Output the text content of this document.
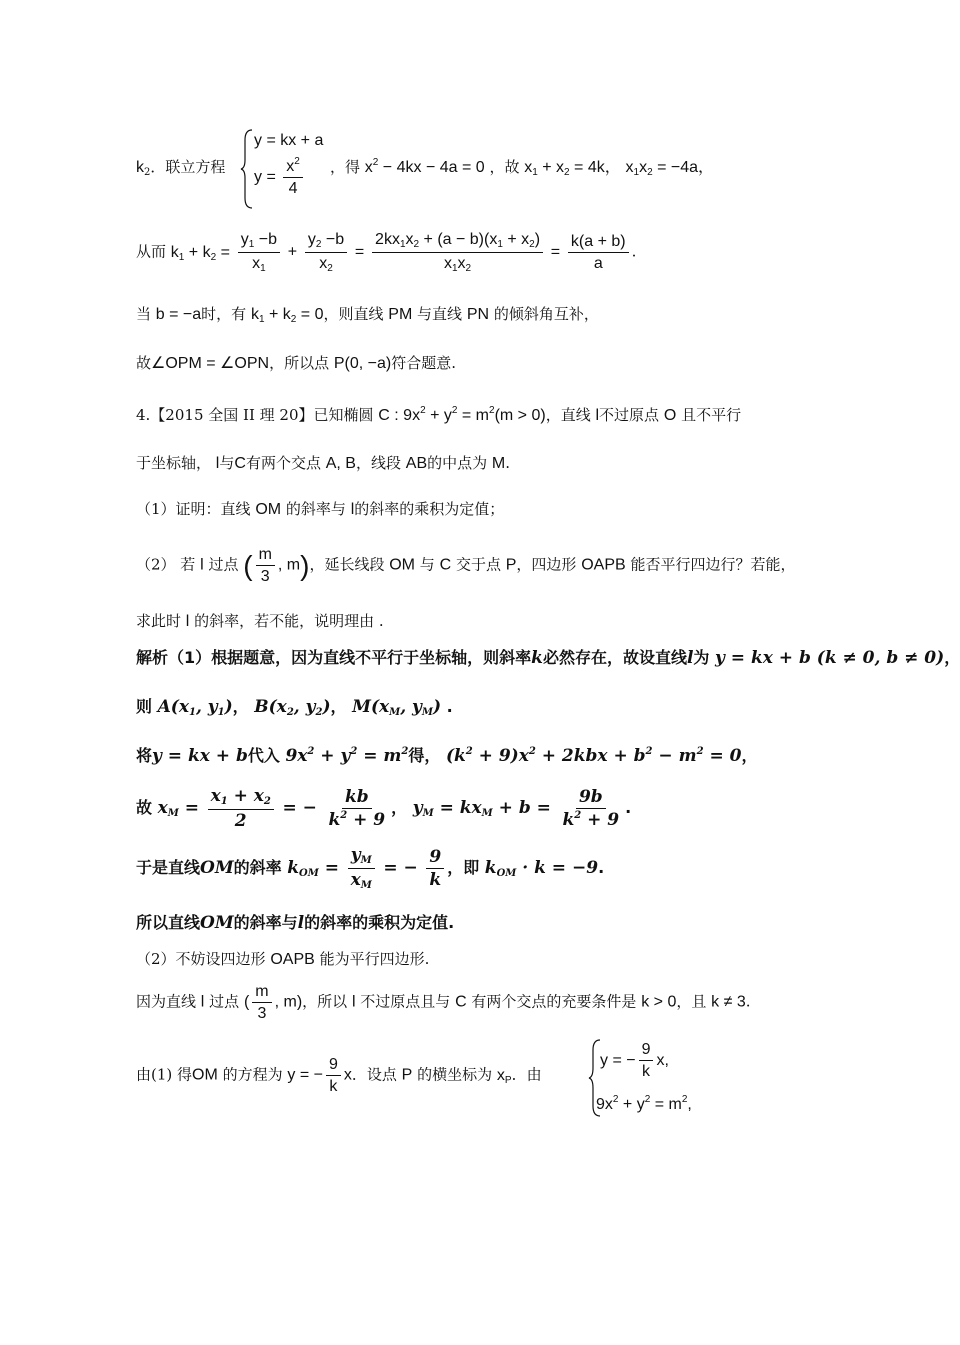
$k_2$．联立方程
y = kx + a
$y = \frac{x^2}{4}$ ，得 $x^2 - 4kx - 4a = 0$ ，故 $x_1 + x_2 = 4k$， $x_1x_2 = -4a$，
从而 $k_1 + k_2 = \frac{y_1 -b}{x_1} + \frac{y_2 -b}{x_2} = \frac{2kx_1x_2 + (a - b)(x_1 + x_2)}{x_1x_2} = \frac{k(a + b)}{a}$ .
当 b = −a时，有 $k_1 + k_2 = 0$，则直线 PM 与直线 PN 的倾斜角互补，
故∠OPM = ∠OPN，所以点 P(0, −a)符合题意.
4.【2015 全国 II 理 20】已知椭圆 C : $9x^2 + y^2 = m^2(m > 0)$，直线 l不过原点 O 且不平行
于坐标轴， l与C有两个交点 A, B，线段 AB的中点为 M.
（1）证明：直线 OM 的斜率与 l的斜率的乘积为定值；
（2） 若 l 过点 ( $\frac{m}{3}$ , m)，延长线段 OM 与 C 交于点 P，四边形 OAPB 能否平行四边行？若能，
求此时 l 的斜率，若不能，说明理由 .
解析（1）根据题意，因为直线不平行于坐标轴，则斜率k必然存在，故设直线l为 y = kx + b (k ≠ 0, b ≠ 0)，
则 $A(x_1$, $y_1$)， $B(x_2$, $y_2$)， $M(x_M$, $y_M$) .
将y = kx + b代入 $9x^2 + y^2 = m^2$得， $(k^2 + 9)x^2 + 2kbx + b^2 - m^2 = 0$，
故 $x_M = \frac{x_1 + x_2}{2}$ = − $\frac{kb}{k^2 + 9}$ ， $y_M = kx_M + b = \frac{9b}{k^2 + 9}$ .
于是直线OM的斜率 $k_{OM} = \frac{y_M}{x_M}$ = − $\frac{9}{k}$ ，即 $k_{OM} \cdot k = -9$.
所以直线OM的斜率与l的斜率的乘积为定值.
（2）不妨设四边形 OAPB 能为平行四边形.
因为直线 l 过点 ( $\frac{m}{3}$ , m)，所以 l 不过原点且与 C 有两个交点的充要条件是 k > 0，且 k ≠ 3.
由(1) 得OM 的方程为 y = − $\frac{9}{k}$ x．设点 P 的横坐标为 $x_P$．由
y = − $\frac{9}{k} x$,
$9x^2 + y^2 = m^2$,
